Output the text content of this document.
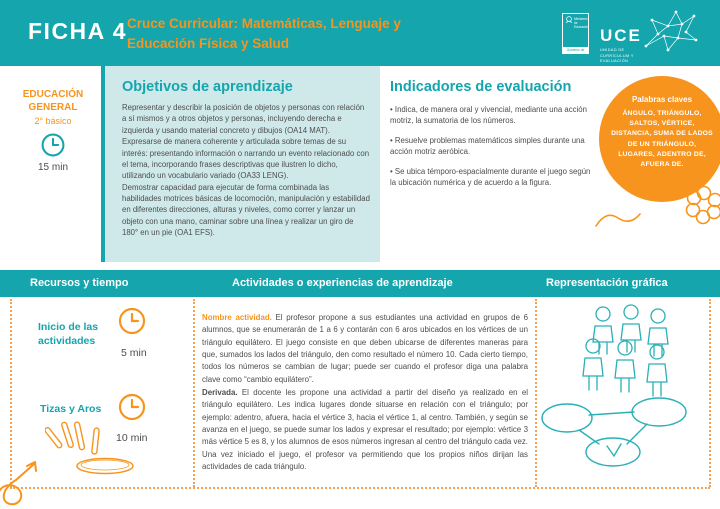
FICHA 4 Cruce Curricular: Matemáticas, Lenguaje y
Educación Física y Salud
Ministerio de Educación
Gobierno de Chile
UCE
UNIDAD DE CURRÍCULUM Y EVALUACIÓN
EDUCACIÓN GENERAL
2° básico
15 min
Objetivos de aprendizaje
Representar y describir la posición de objetos y personas con relación a sí mismos y a otros objetos y personas, incluyendo derecha e izquierda y usando material concreto y dibujos (OA14 MAT).
Expresarse de manera coherente y articulada sobre temas de su interés: presentando información o narrando un evento relacionado con el tema, incorporando frases descriptivas que ilustren lo dicho, utilizando un vocabulario variado (OA33 LENG).
Demostrar capacidad para ejecutar de forma combinada las habilidades motrices básicas de locomoción, manipulación y estabilidad en diferentes direcciones, alturas y niveles, como correr y lanzar un objeto con una mano, caminar sobre una línea y realizar un giro de 180° en un pie (OA1 EFS).
Indicadores de evaluación
• Indica, de manera oral y vivencial, mediante una acción motriz, la sumatoria de los números.
• Resuelve problemas matemáticos simples durante una acción motriz aeróbica.
• Se ubica témporo-espacialmente durante el juego según la ubicación numérica y de acuerdo a la figura.
Palabras claves
ÁNGULO, TRIÁNGULO, SALTOS, VÉRTICE, DISTANCIA, SUMA DE LADOS DE UN TRIÁNGULO, LUGARES, ADENTRO DE, AFUERA DE.
Recursos y tiempo	Actividades o experiencias de aprendizaje	Representación gráfica
Inicio de las actividades
5 min
Tizas y Aros
10 min

Nombre actividad. El profesor propone a sus estudiantes una actividad en grupos de 6 alumnos, que se enumerarán de 1 a 6 y contarán con 6 aros ubicados en los vértices de un triángulo equilátero. El juego consiste en que deben ubicarse de diferentes maneras para que, sumados los lados del triángulo, den como resultado el número 10. Cada cierto tiempo, todos los números se cambian de lugar; puede ser cuando el profesor diga una palabra clave como “cambio equilátero”.

Derivada. El docente les propone una actividad a partir del diseño ya realizado en el triángulo equilátero. Les indica lugares donde situarse en relación con el triángulo; por ejemplo: adentro, afuera, hacia el vértice 3, hacia el vértice 1, al centro. También, y según se avanza en el juego, se puede sumar los lados y expresar el resultado; por ejemplo: vértice 3 más vértice 5 es 8, y los alumnos de esos números ingresan al centro del triángulo cada vez. Una vez iniciado el juego, el profesor va permitiendo que los propios niños dirijan las actividades de cada triángulo.
